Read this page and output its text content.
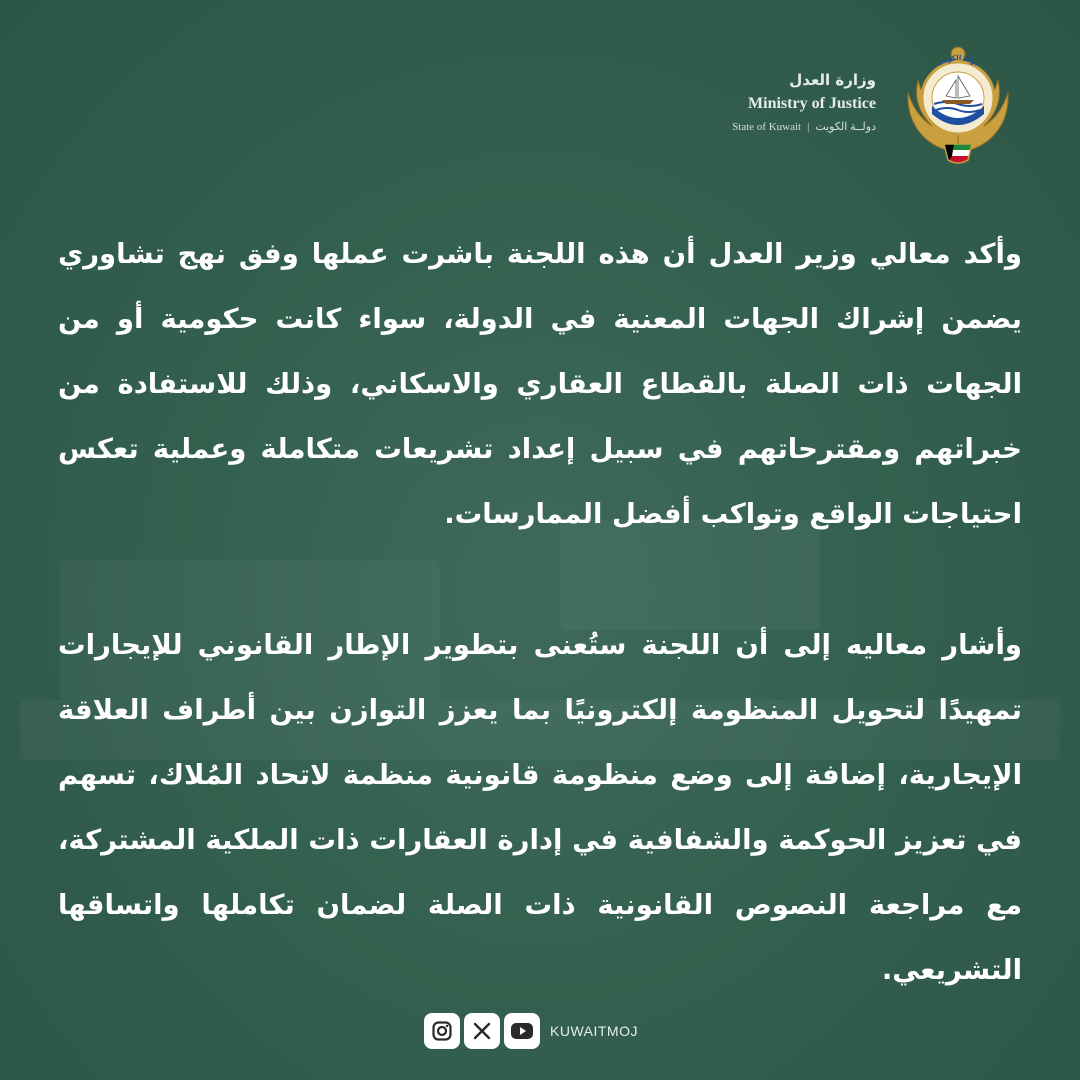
وزارة العدل
Ministry of Justice
State of Kuwait | دولــة الكويت
دولة الكويت

وأكد معالي وزير العدل أن هذه اللجنة باشرت عملها وفق نهج تشاوري يضمن إشراك الجهات المعنية في الدولة، سواء كانت حكومية أو من الجهات ذات الصلة بالقطاع العقاري والاسكاني، وذلك للاستفادة من خبراتهم ومقترحاتهم في سبيل إعداد تشريعات متكاملة وعملية تعكس احتياجات الواقع وتواكب أفضل الممارسات.

وأشار معاليه إلى أن اللجنة ستُعنى بتطوير الإطار القانوني للإيجارات تمهيدًا لتحويل المنظومة إلكترونيًا بما يعزز التوازن بين أطراف العلاقة الإيجارية، إضافة إلى وضع منظومة قانونية منظمة لاتحاد المُلاك، تسهم في تعزيز الحوكمة والشفافية في إدارة العقارات ذات الملكية المشتركة، مع مراجعة النصوص القانونية ذات الصلة لضمان تكاملها واتساقها التشريعي.

KUWAITMOJ
